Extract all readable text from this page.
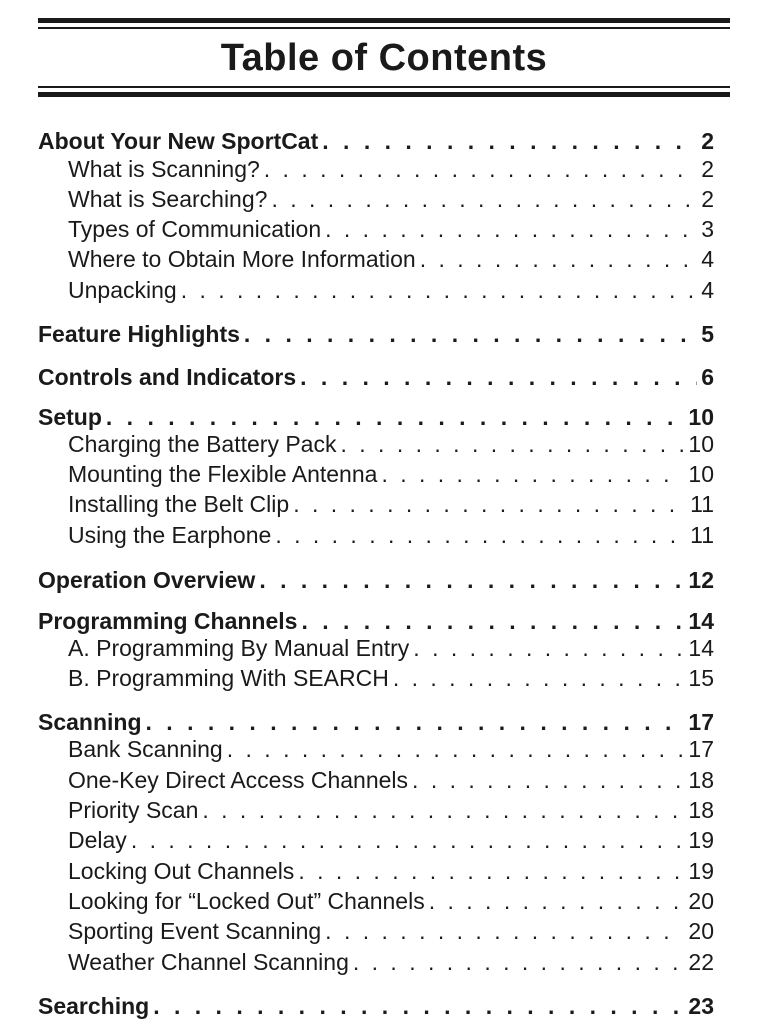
Table of Contents
About Your New SportCat . . .	2
What is Scanning? . . .	2
What is Searching? . . .	2
Types of Communication . . .	3
Where to Obtain More Information . . .	4
Unpacking . . .	4
Feature Highlights . . .	5
Controls and Indicators . . .	6
Setup . . .	10
Charging the Battery Pack . . .	10
Mounting the Flexible Antenna . . .	10
Installing the Belt Clip . . .	11
Using the Earphone . . .	11
Operation Overview . . .	12
Programming Channels . . .	14
A. Programming By Manual Entry . . .	14
B. Programming With SEARCH . . .	15
Scanning . . .	17
Bank Scanning . . .	17
One-Key Direct Access Channels . . .	18
Priority Scan . . .	18
Delay . . .	19
Locking Out Channels . . .	19
Looking for “Locked Out” Channels . . .	20
Sporting Event Scanning . . .	20
Weather Channel Scanning . . .	22
Searching . . .	23
